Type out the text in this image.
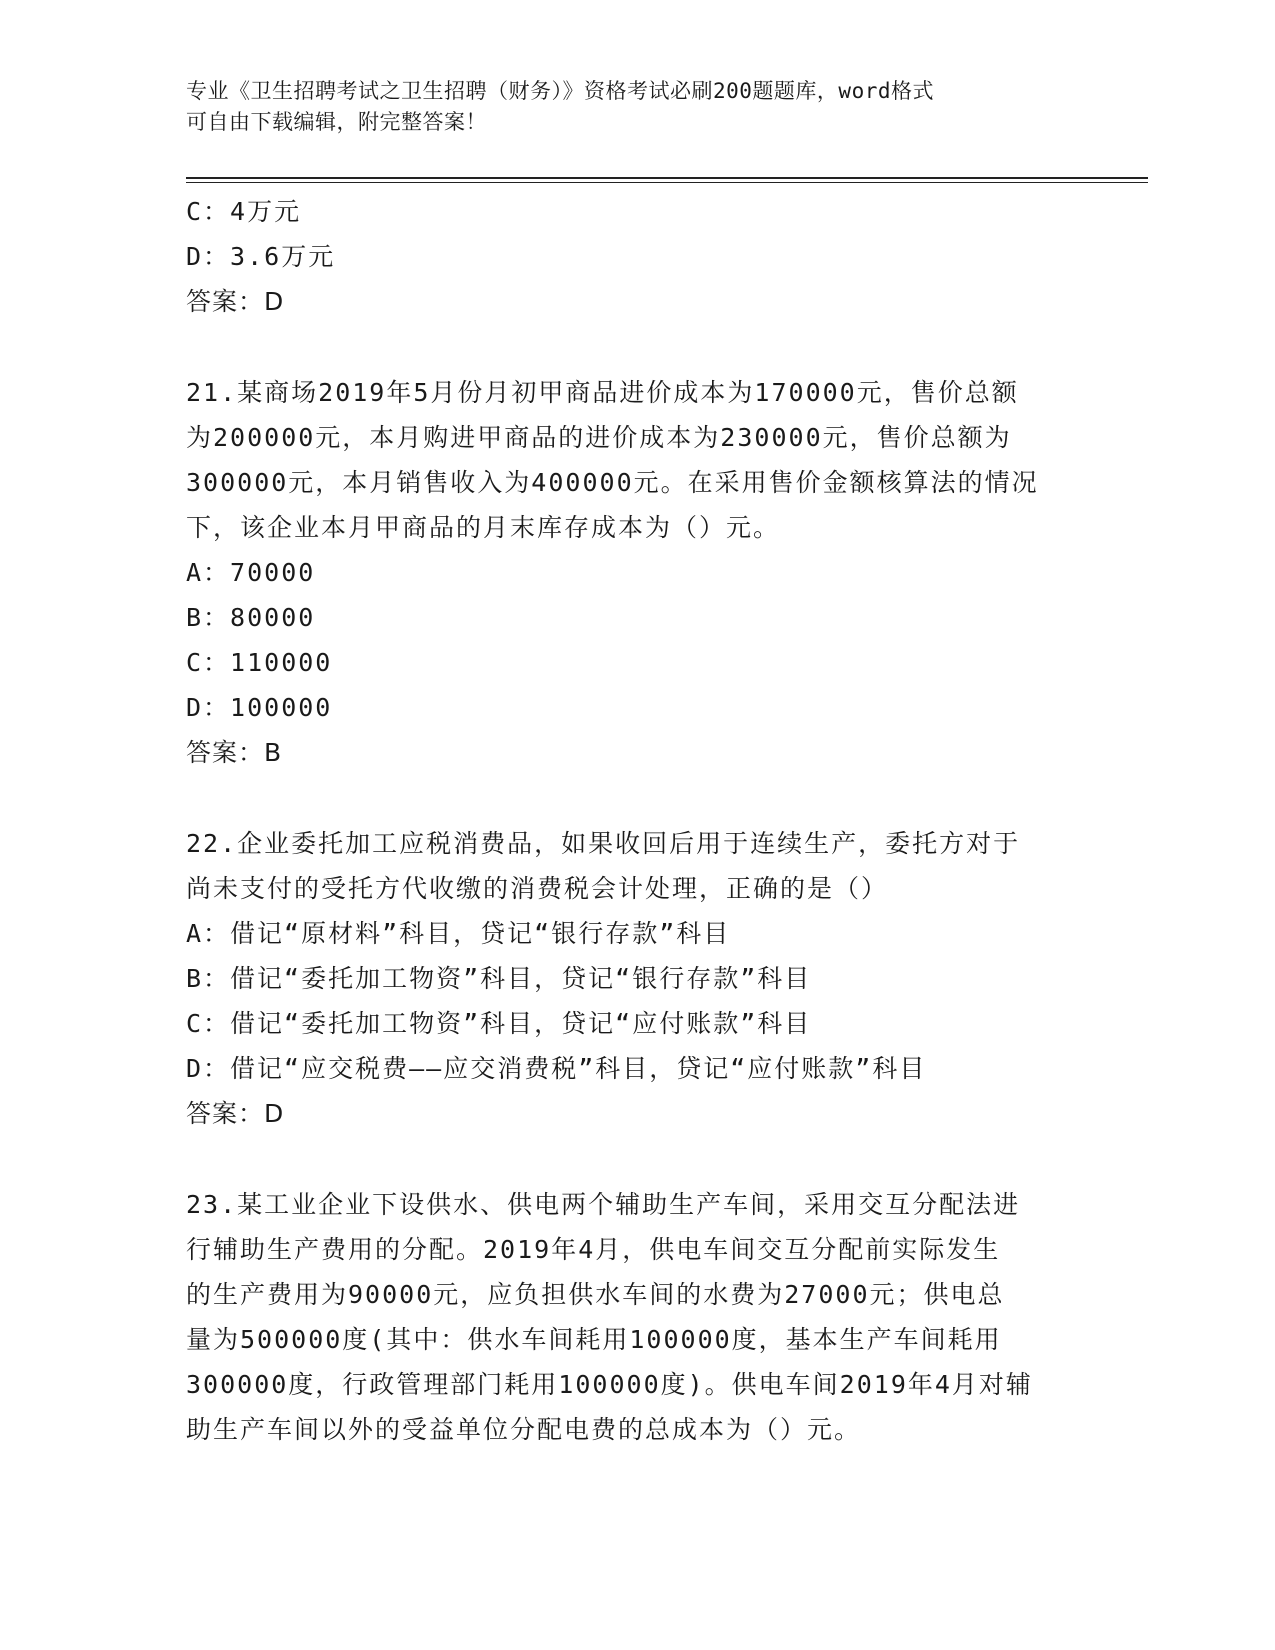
专业《卫生招聘考试之卫生招聘（财务）》资格考试必刷200题题库，word格式
可自由下载编辑，附完整答案！
C：4万元
D：3.6万元
答案：D
21.某商场2019年5月份月初甲商品进价成本为170000元，售价总额
为200000元，本月购进甲商品的进价成本为230000元，售价总额为
300000元，本月销售收入为400000元。在采用售价金额核算法的情况
下，该企业本月甲商品的月末库存成本为（）元。
A：70000
B：80000
C：110000
D：100000
答案：B
22.企业委托加工应税消费品，如果收回后用于连续生产，委托方对于
尚未支付的受托方代收缴的消费税会计处理，正确的是（）
A：借记“原材料”科目，贷记“银行存款”科目
B：借记“委托加工物资”科目，贷记“银行存款”科目
C：借记“委托加工物资”科目，贷记“应付账款”科目
D：借记“应交税费——应交消费税”科目，贷记“应付账款”科目
答案：D
23.某工业企业下设供水、供电两个辅助生产车间，采用交互分配法进
行辅助生产费用的分配。2019年4月，供电车间交互分配前实际发生
的生产费用为90000元，应负担供水车间的水费为27000元；供电总
量为500000度(其中：供水车间耗用100000度，基本生产车间耗用
300000度，行政管理部门耗用100000度)。供电车间2019年4月对辅
助生产车间以外的受益单位分配电费的总成本为（）元。
